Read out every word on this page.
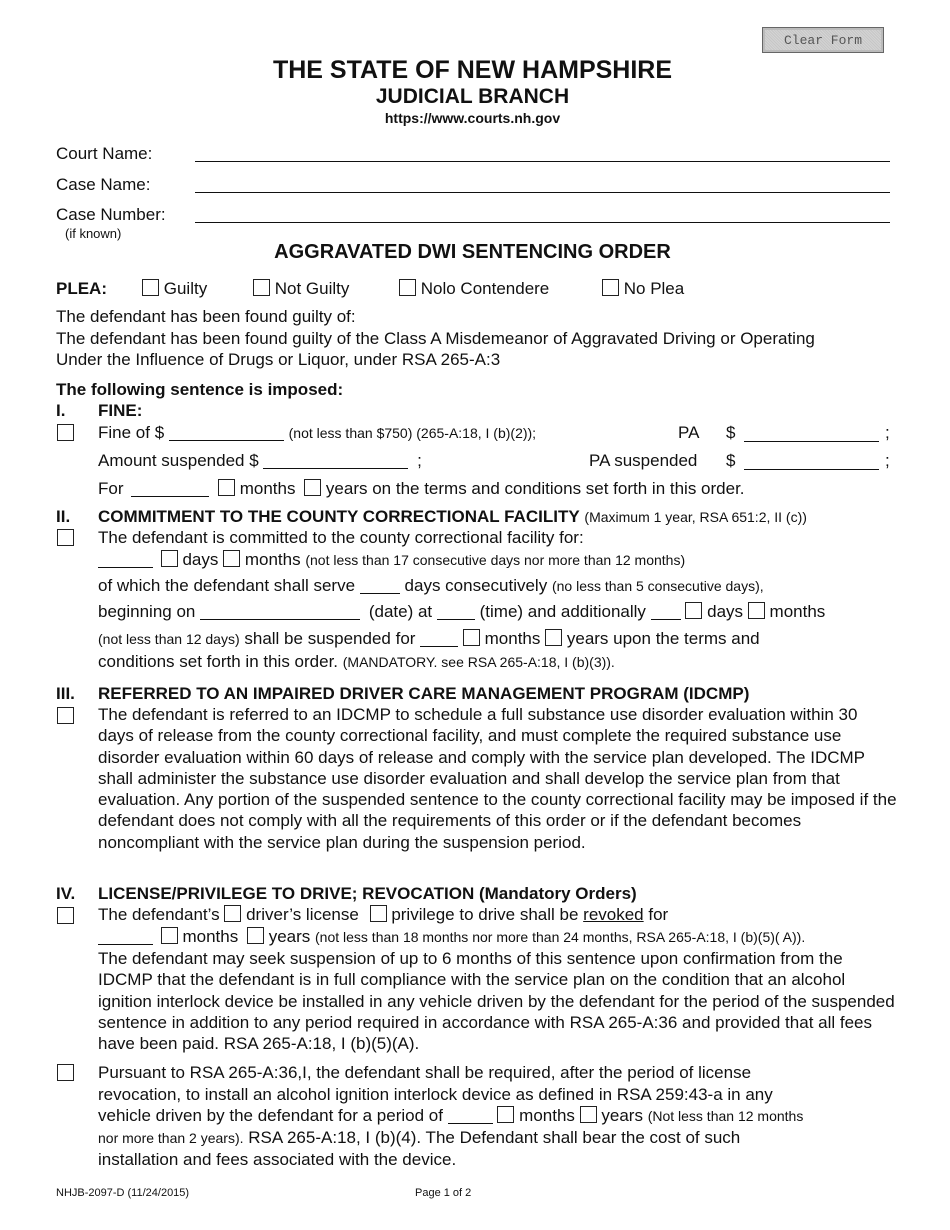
Clear Form
THE STATE OF NEW HAMPSHIRE
JUDICIAL BRANCH
https://www.courts.nh.gov
Court Name:
Case Name:
Case Number:
(if known)
AGGRAVATED DWI SENTENCING ORDER
PLEA:	Guilty	Not Guilty	Nolo Contendere	No Plea
The defendant has been found guilty of:
The defendant has been found guilty of the Class A Misdemeanor of Aggravated Driving or Operating
Under the Influence of Drugs or Liquor, under RSA 265-A:3
The following sentence is imposed:
I. FINE:
Fine of $	(not less than $750) (265-A:18, I (b)(2));	PA $	;
Amount suspended $	;	PA suspended $	;
For	months years on the terms and conditions set forth in this order.
II. COMMITMENT TO THE COUNTY CORRECTIONAL FACILITY (Maximum 1 year, RSA 651:2, II (c))
The defendant is committed to the county correctional facility for:
days months (not less than 17 consecutive days nor more than 12 months)
of which the defendant shall serve	days consecutively (no less than 5 consecutive days),
beginning on	(date) at	(time) and additionally	days months
(not less than 12 days) shall be suspended for	months years upon the terms and
conditions set forth in this order. (MANDATORY. see RSA 265-A:18, I (b)(3)).
III. REFERRED TO AN IMPAIRED DRIVER CARE MANAGEMENT PROGRAM (IDCMP)
The defendant is referred to an IDCMP to schedule a full substance use disorder evaluation within 30 days of release from the county correctional facility, and must complete the required substance use disorder evaluation within 60 days of release and comply with the service plan developed. The IDCMP shall administer the substance use disorder evaluation and shall develop the service plan from that evaluation. Any portion of the suspended sentence to the county correctional facility may be imposed if the defendant does not comply with all the requirements of this order or if the defendant becomes noncompliant with the service plan during the suspension period.
IV. LICENSE/PRIVILEGE TO DRIVE; REVOCATION (Mandatory Orders)
The defendant’s driver’s license privilege to drive shall be revoked for
months years (not less than 18 months nor more than 24 months, RSA 265-A:18, I (b)(5)( A)).
The defendant may seek suspension of up to 6 months of this sentence upon confirmation from the IDCMP that the defendant is in full compliance with the service plan on the condition that an alcohol ignition interlock device be installed in any vehicle driven by the defendant for the period of the suspended sentence in addition to any period required in accordance with RSA 265-A:36 and provided that all fees have been paid. RSA 265-A:18, I (b)(5)(A).
Pursuant to RSA 265-A:36,I, the defendant shall be required, after the period of license
revocation, to install an alcohol ignition interlock device as defined in RSA 259:43-a in any
vehicle driven by the defendant for a period of	months years (Not less than 12 months
nor more than 2 years). RSA 265-A:18, I (b)(4). The Defendant shall bear the cost of such
installation and fees associated with the device.
NHJB-2097-D (11/24/2015)	Page 1 of 2
